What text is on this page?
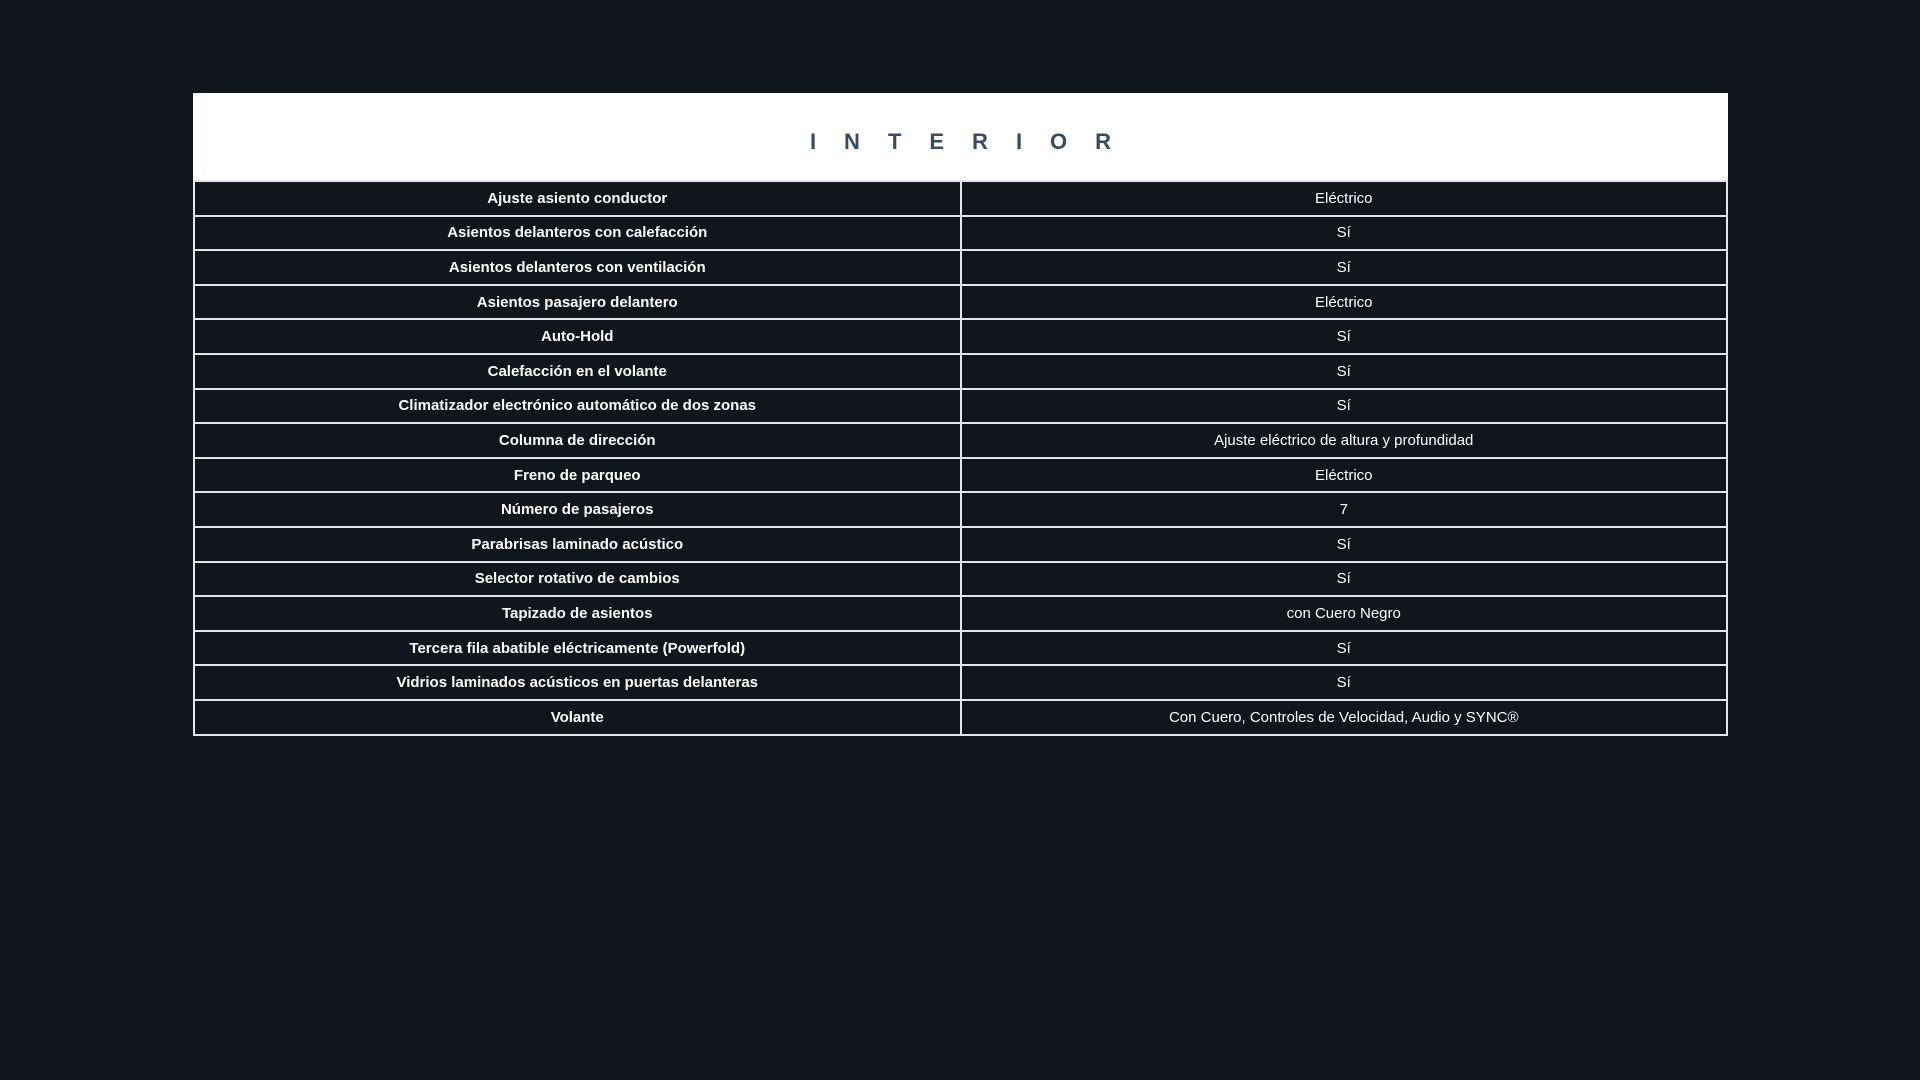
INTERIOR
Ajuste asiento conductor	Eléctrico
Asientos delanteros con calefacción	Sí
Asientos delanteros con ventilación	Sí
Asientos pasajero delantero	Eléctrico
Auto-Hold	Sí
Calefacción en el volante	Sí
Climatizador electrónico automático de dos zonas	Sí
Columna de dirección	Ajuste eléctrico de altura y profundidad
Freno de parqueo	Eléctrico
Número de pasajeros	7
Parabrisas laminado acústico	Sí
Selector rotativo de cambios	Sí
Tapizado de asientos	con Cuero Negro
Tercera fila abatible eléctricamente (Powerfold)	Sí
Vidrios laminados acústicos en puertas delanteras	Sí
Volante	Con Cuero, Controles de Velocidad, Audio y SYNC®
